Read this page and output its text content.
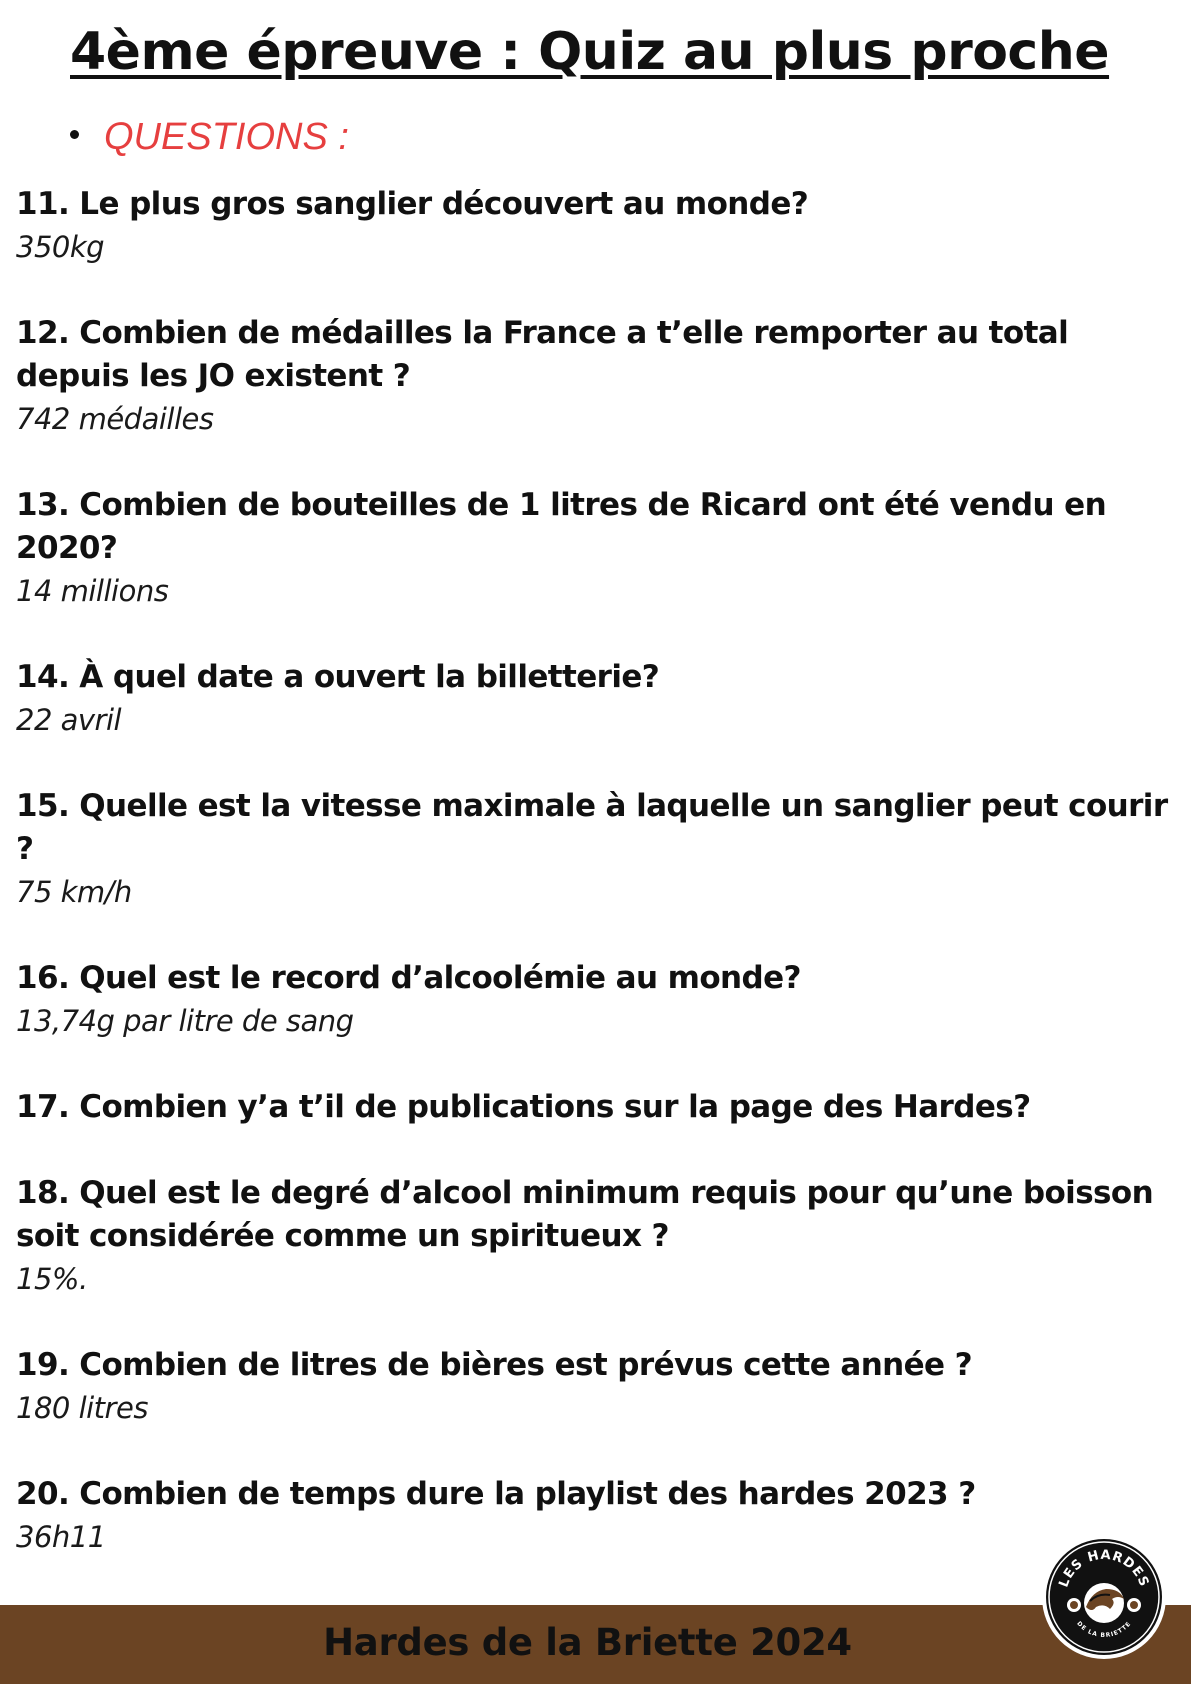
4ème épreuve : Quiz au plus proche
QUESTIONS :
11. Le plus gros sanglier découvert au monde?
350kg
12. Combien de médailles la France a t’elle remporter au total depuis les JO existent ?
742 médailles
13. Combien de bouteilles de 1 litres de Ricard ont été vendu en 2020?
14 millions
14. À quel date a ouvert la billetterie?
22 avril
15. Quelle est la vitesse maximale à laquelle un sanglier peut courir ?
75 km/h
16. Quel est le record d’alcoolémie au monde?
13,74g par litre de sang
17. Combien y’a t’il de publications sur la page des Hardes?
18. Quel est le degré d’alcool minimum requis pour qu’une boisson soit considérée comme un spiritueux ?
15%.
19. Combien de litres de bières est prévus cette année ?
180 litres
20. Combien de temps dure la playlist des hardes 2023 ?
36h11
Hardes de la Briette 2024
LES HARDES
DE LA BRIETTE
